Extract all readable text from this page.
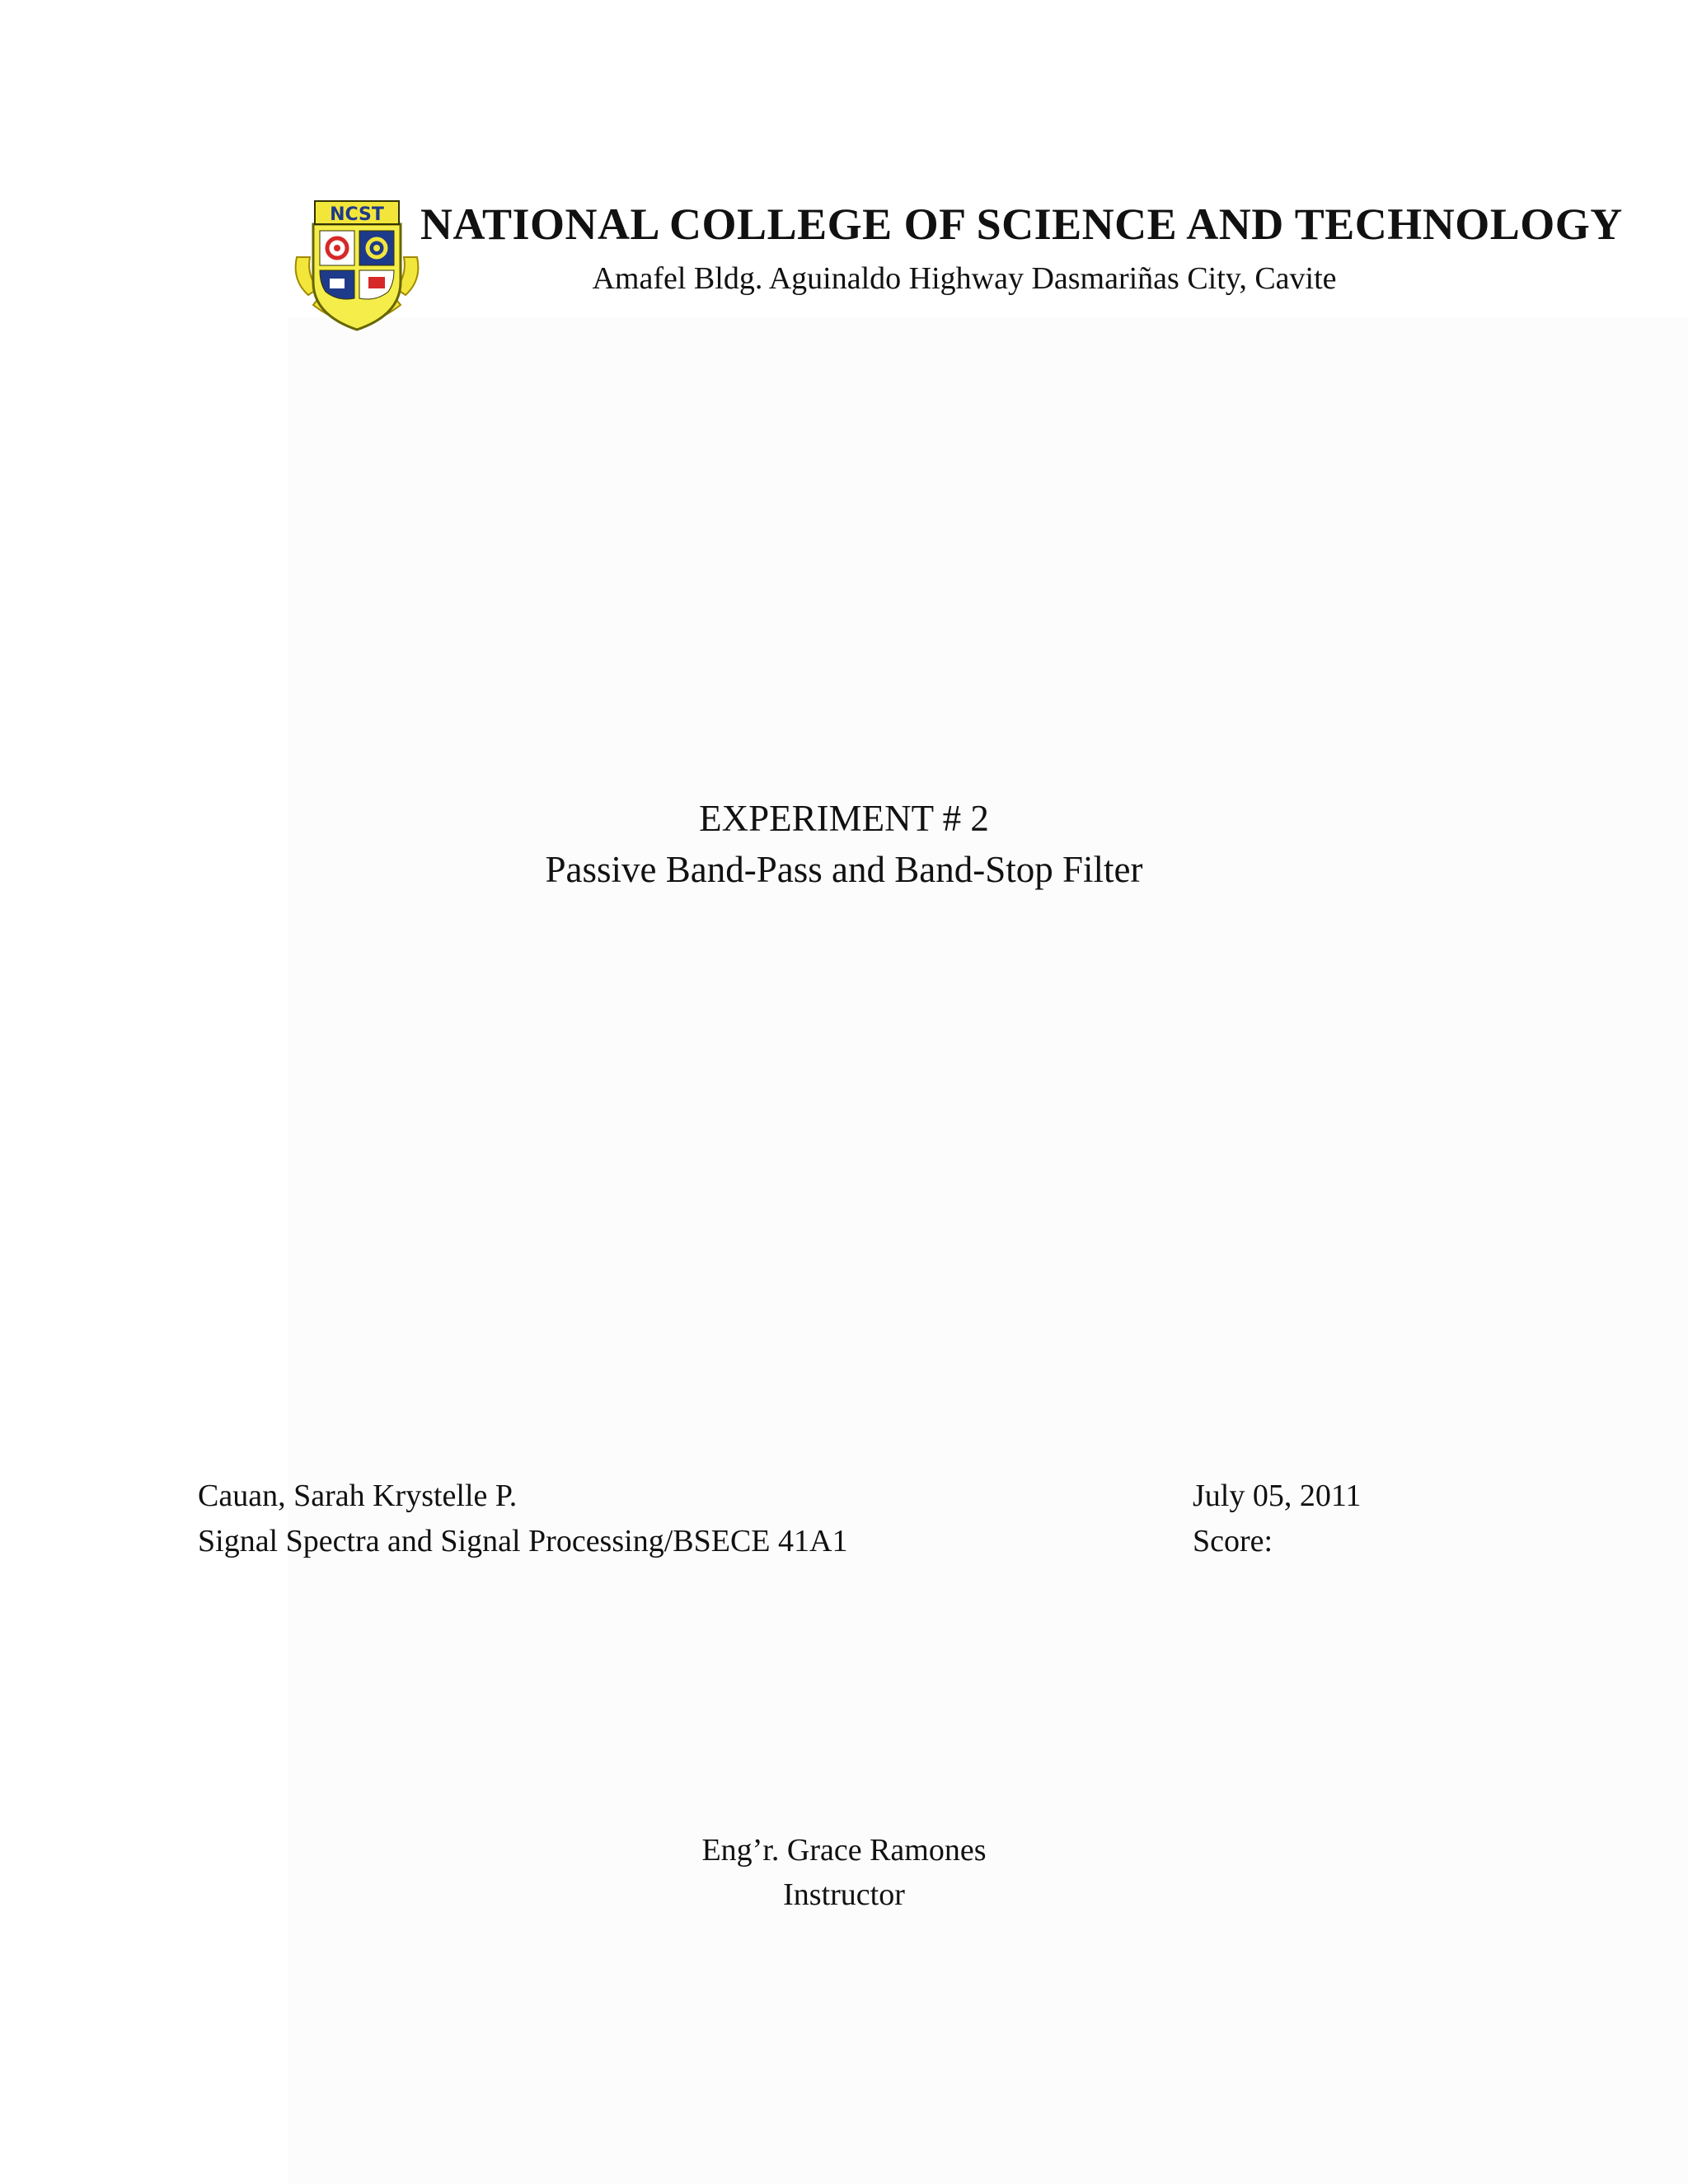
NCST NATIONAL COLLEGE OF SCIENCE AND TECHNOLOGY
Amafel Bldg. Aguinaldo Highway Dasmariñas City, Cavite
EXPERIMENT # 2
Passive Band-Pass and Band-Stop Filter
Cauan, Sarah Krystelle P.
Signal Spectra and Signal Processing/BSECE 41A1
July 05, 2011
Score:
Eng’r. Grace Ramones
Instructor
